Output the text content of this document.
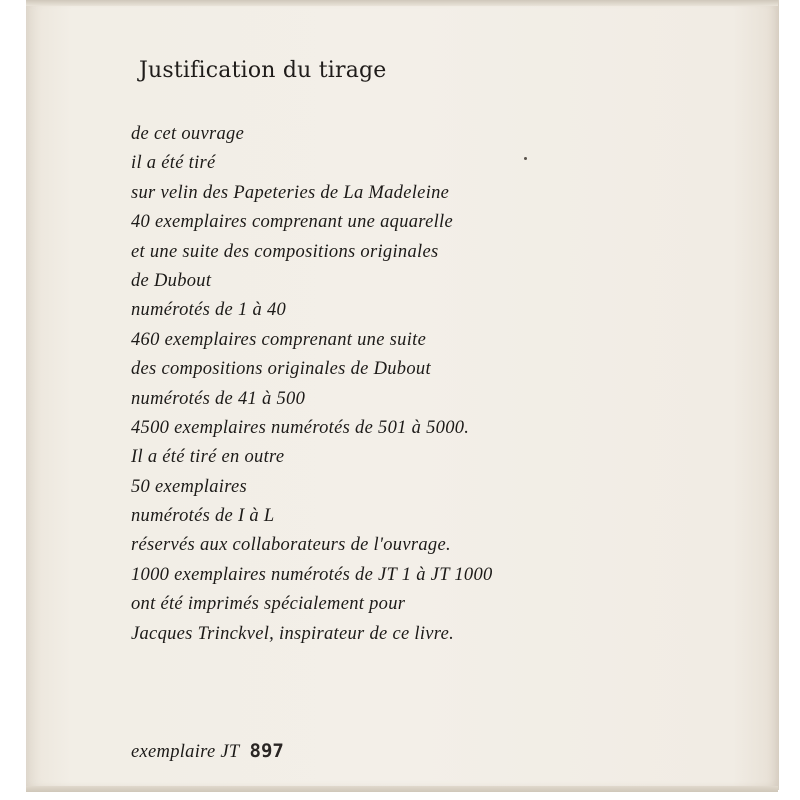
Justification du tirage
de cet ouvrage
il a été tiré
sur velin des Papeteries de La Madeleine
40 exemplaires comprenant une aquarelle
et une suite des compositions originales
de Dubout
numérotés de 1 à 40
460 exemplaires comprenant une suite
des compositions originales de Dubout
numérotés de 41 à 500
4500 exemplaires numérotés de 501 à 5000.
Il a été tiré en outre
50 exemplaires
numérotés de I à L
réservés aux collaborateurs de l'ouvrage.
1000 exemplaires numérotés de JT 1 à JT 1000
ont été imprimés spécialement pour
Jacques Trinckvel, inspirateur de ce livre.
exemplaire JT 897
